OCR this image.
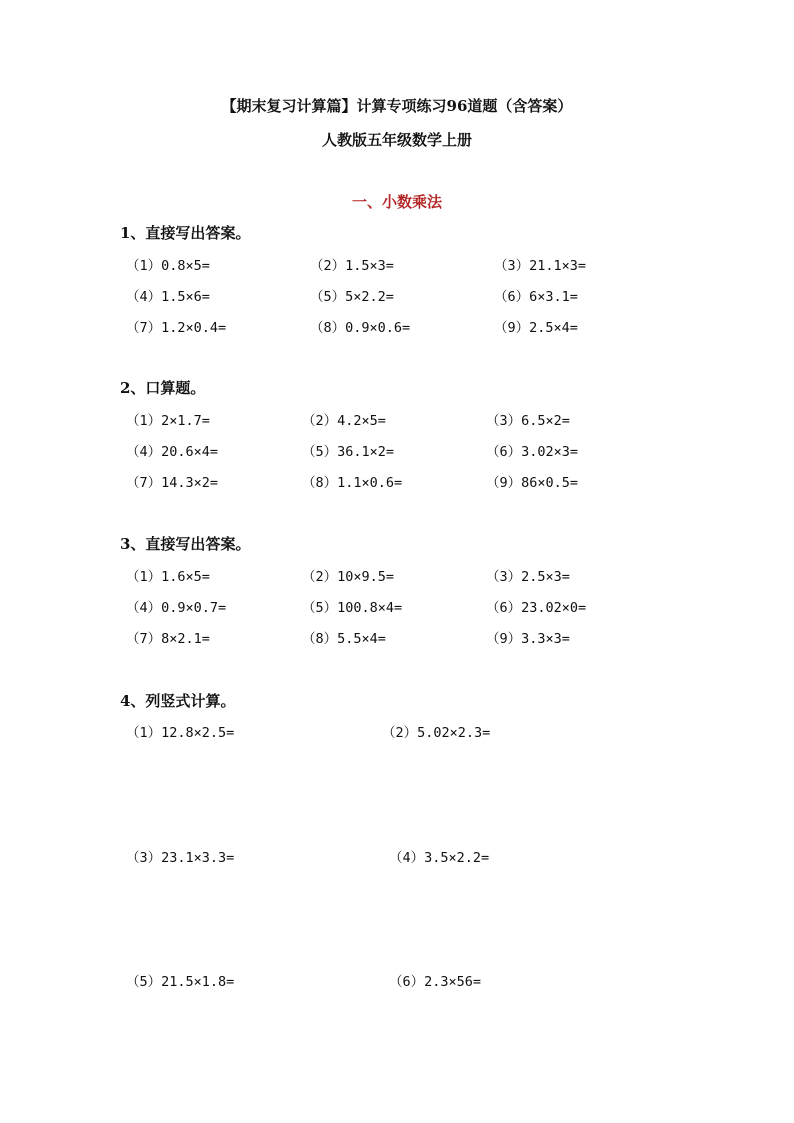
【期末复习计算篇】计算专项练习96道题（含答案）
人教版五年级数学上册
一、小数乘法
1、直接写出答案。
（1）0.8×5=	（2）1.5×3=	（3）21.1×3=
（4）1.5×6=	（5）5×2.2=	（6）6×3.1=
（7）1.2×0.4=	（8）0.9×0.6=	（9）2.5×4=
2、口算题。
（1）2×1.7=	（2）4.2×5=	（3）6.5×2=
（4）20.6×4=	（5）36.1×2=	（6）3.02×3=
（7）14.3×2=	（8）1.1×0.6=	（9）86×0.5=
3、直接写出答案。
（1）1.6×5=	（2）10×9.5=	（3）2.5×3=
（4）0.9×0.7=	（5）100.8×4=	（6）23.02×0=
（7）8×2.1=	（8）5.5×4=	（9）3.3×3=
4、列竖式计算。
（1）12.8×2.5=	（2）5.02×2.3=
（3）23.1×3.3=	（4）3.5×2.2=
（5）21.5×1.8=	（6）2.3×56=
